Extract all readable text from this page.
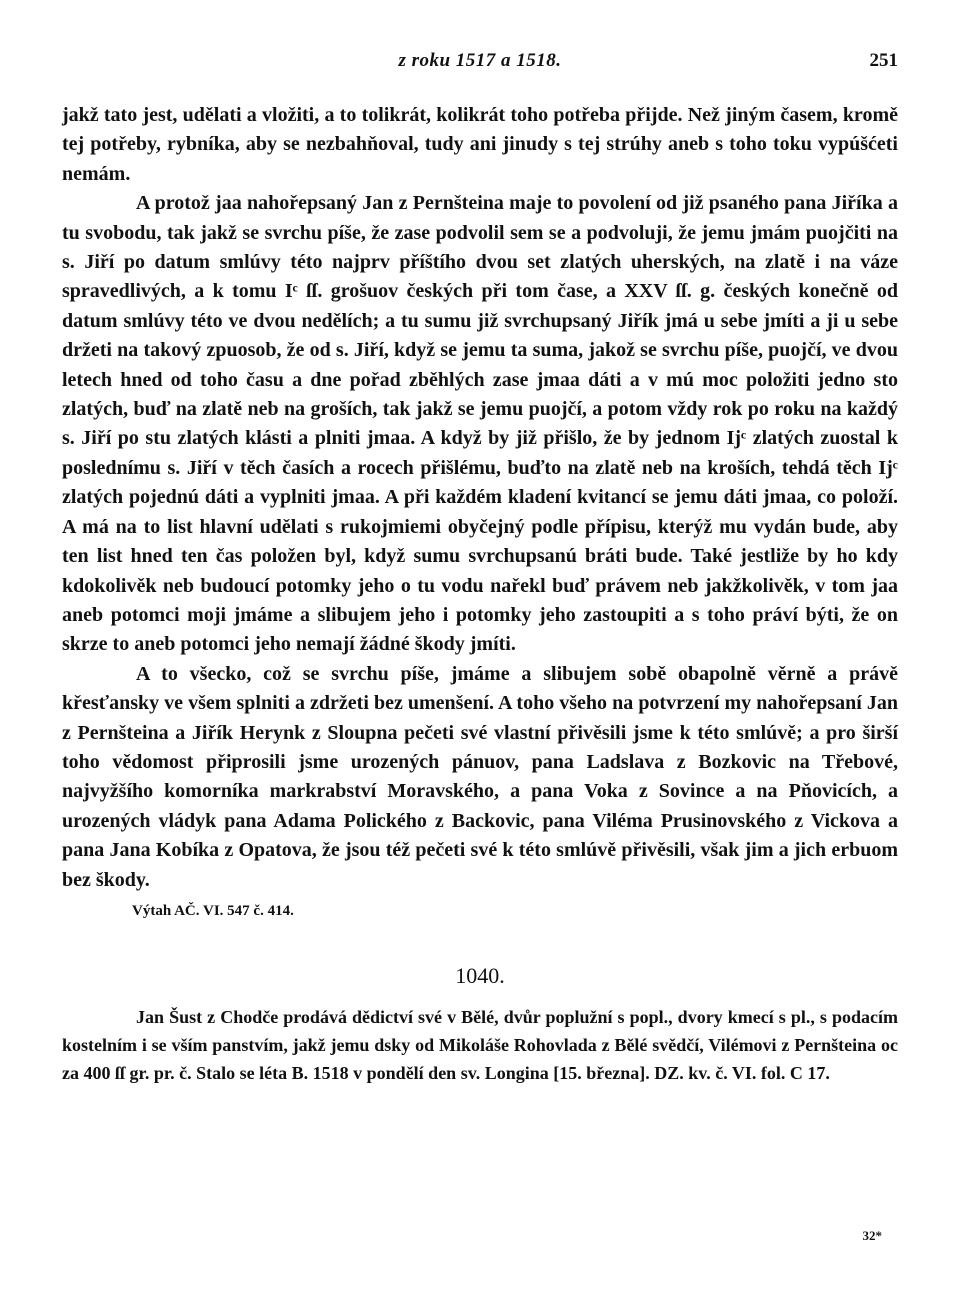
z roku 1517 a 1518.	251

jakž tato jest, udělati a vložiti, a to tolikrát, kolikrát toho potřeba přijde. Než jiným časem, kromě tej potřeby, rybníka, aby se nezbahňoval, tudy ani jinudy s tej strúhy aneb s toho toku vypúšćeti nemám.

A protož jaa nahořepsaný Jan z Pernšteina maje to povolení od již psaného pana Jiříka a tu svobodu, tak jakž se svrchu píše, že zase podvolil sem se a podvoluji, že jemu jmám puojčiti na s. Jiří po datum smlúvy této najprv příštího dvou set zlatých uherských, na zlatě i na váze spravedlivých, a k tomu Iᶜ ſſ. grošuov českých při tom čase, a XXV ſſ. g. českých konečně od datum smlúvy této ve dvou nedělích; a tu sumu již svrchupsaný Jiřík jmá u sebe jmíti a ji u sebe držeti na takový zpuosob, že od s. Jiří, když se jemu ta suma, jakož se svrchu píše, puojčí, ve dvou letech hned od toho času a dne pořad zběhlých zase jmaa dáti a v mú moc položiti jedno sto zlatých, buď na zlatě neb na groších, tak jakž se jemu puojčí, a potom vždy rok po roku na každý s. Jiří po stu zlatých klásti a plniti jmaa. A když by již přišlo, že by jednom Ijᶜ zlatých zuostal k poslednímu s. Jiří v těch časích a rocech přišlému, buďto na zlatě neb na kroších, tehdá těch Ijᶜ zlatých pojednú dáti a vyplniti jmaa. A při každém kladení kvitancí se jemu dáti jmaa, co položí. A má na to list hlavní udělati s rukojmiemi obyčejný podle přípisu, kterýž mu vydán bude, aby ten list hned ten čas položen byl, když sumu svrchupsanú bráti bude. Také jestliže by ho kdy kdokolivěk neb budoucí potomky jeho o tu vodu nařekl buď právem neb jakžkolivěk, v tom jaa aneb potomci moji jmáme a slibujem jeho i potomky jeho zastoupiti a s toho práví býti, že on skrze to aneb potomci jeho nemají žádné škody jmíti.

A to všecko, což se svrchu píše, jmáme a slibujem sobě obapolně věrně a právě křesťansky ve všem splniti a zdržeti bez umenšení. A toho všeho na potvrzení my nahořepsaní Jan z Pernšteina a Jiřík Herynk z Sloupna pečeti své vlastní přivěsili jsme k této smlúvě; a pro širší toho vědomost připrosili jsme urozených pánuov, pana Ladslava z Bozkovic na Třebové, najvyžšího komorníka markrabství Moravského, a pana Voka z Sovince a na Pňovicích, a urozených vládyk pana Adama Polického z Backovic, pana Viléma Prusinovského z Vickova a pana Jana Kobíka z Opatova, že jsou též pečeti své k této smlúvě přivěsili, však jim a jich erbuom bez škody.

Výtah AČ. VI. 547 č. 414.
1040.

Jan Šust z Chodče prodává dědictví své v Bělé, dvůr poplužní s popl., dvory kmecí s pl., s podacím kostelním i se vším panstvím, jakž jemu dsky od Mikoláše Rohovlada z Bělé svědčí, Vilémovi z Pernšteina oc za 400 ſſ gr. pr. č. Stalo se léta B. 1518 v pondělí den sv. Longina [15. března]. DZ. kv. č. VI. fol. C 17.

32*
